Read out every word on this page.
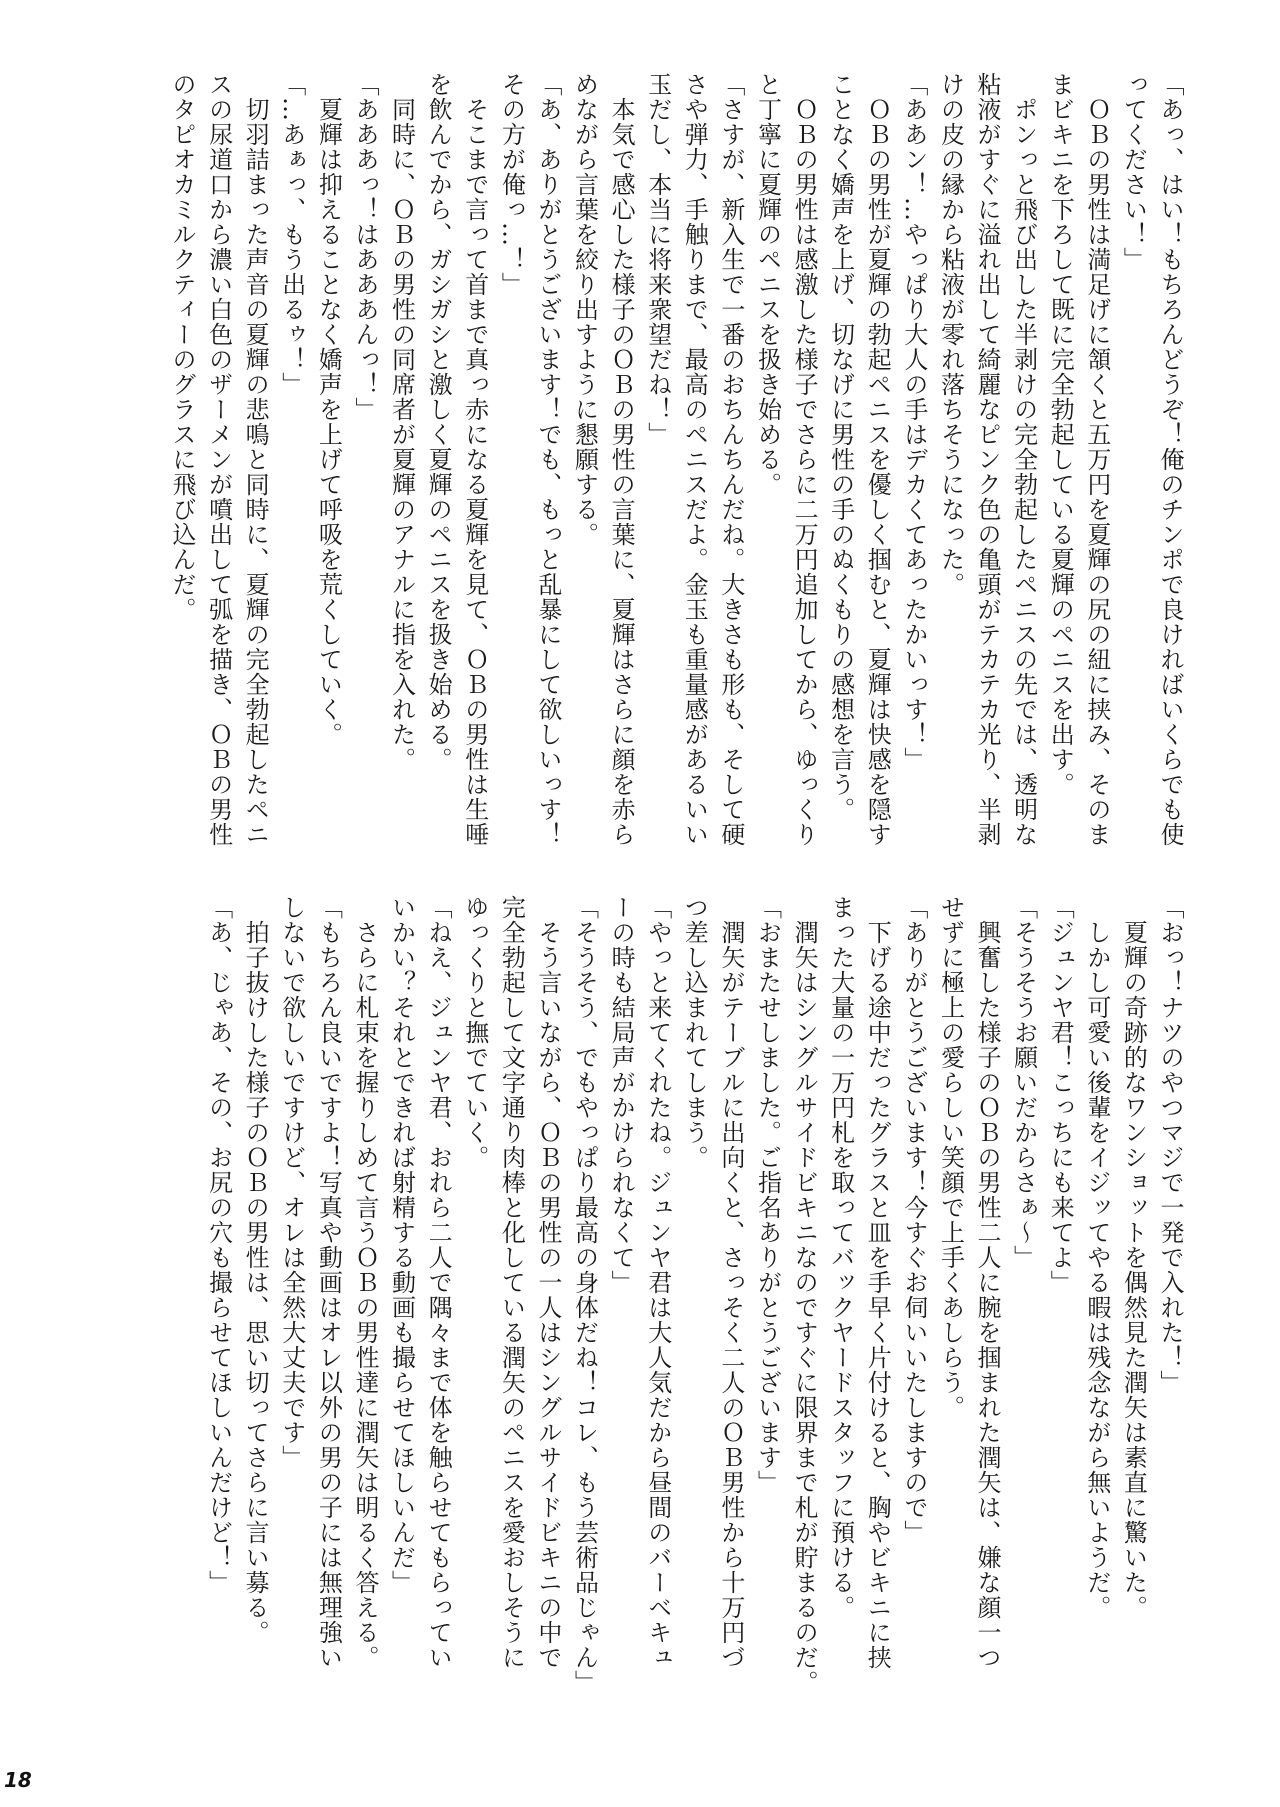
「あっ、はい！もちろんどうぞ！俺のチンポで良ければいくらでも使
ってください！」
　ＯＢの男性は満足げに頷くと五万円を夏輝の尻の紐に挟み、そのま
まビキニを下ろして既に完全勃起している夏輝のペニスを出す。
　ポンっと飛び出した半剥けの完全勃起したペニスの先では、透明な
粘液がすぐに溢れ出して綺麗なピンク色の亀頭がテカテカ光り、半剥
けの皮の縁から粘液が零れ落ちそうになった。
「ああン！…やっぱり大人の手はデカくてあったかいっす！」
　ＯＢの男性が夏輝の勃起ペニスを優しく掴むと、夏輝は快感を隠す
ことなく嬌声を上げ、切なげに男性の手のぬくもりの感想を言う。
　ＯＢの男性は感激した様子でさらに二万円追加してから、ゆっくり
と丁寧に夏輝のペニスを扱き始める。
「さすが、新入生で一番のおちんちんだね。大きさも形も、そして硬
さや弾力、手触りまで、最高のペニスだよ。金玉も重量感があるいい
玉だし、本当に将来衆望だね！」
　本気で感心した様子のＯＢの男性の言葉に、夏輝はさらに顔を赤ら
めながら言葉を絞り出すように懇願する。
「あ、ありがとうございます！でも、もっと乱暴にして欲しいっす！
その方が俺っ…！」
　そこまで言って首まで真っ赤になる夏輝を見て、ＯＢの男性は生唾
を飲んでから、ガシガシと激しく夏輝のペニスを扱き始める。
　同時に、ＯＢの男性の同席者が夏輝のアナルに指を入れた。
「あああっ！はあああんっ！」
　夏輝は抑えることなく嬌声を上げて呼吸を荒くしていく。
「…あぁっ、もう出るゥ！」
　切羽詰まった声音の夏輝の悲鳴と同時に、夏輝の完全勃起したペニ
スの尿道口から濃い白色のザーメンが噴出して弧を描き、ＯＢの男性
のタピオカミルクティーのグラスに飛び込んだ。
「おっ！ナツのやつマジで一発で入れた！」
　夏輝の奇跡的なワンショットを偶然見た潤矢は素直に驚いた。
　しかし可愛い後輩をイジッてやる暇は残念ながら無いようだ。
「ジュンヤ君！こっちにも来てよ」
「そうそうお願いだからさぁ〜」
　興奮した様子のＯＢの男性二人に腕を掴まれた潤矢は、嫌な顔一つ
せずに極上の愛らしい笑顔で上手くあしらう。
「ありがとうございます！今すぐお伺いいたしますので」
　下げる途中だったグラスと皿を手早く片付けると、胸やビキニに挟
まった大量の一万円札を取ってバックヤードスタッフに預ける。
　潤矢はシングルサイドビキニなのですぐに限界まで札が貯まるのだ。
「おまたせしました。ご指名ありがとうございます」
　潤矢がテーブルに出向くと、さっそく二人のＯＢ男性から十万円づ
つ差し込まれてしまう。
「やっと来てくれたね。ジュンヤ君は大人気だから昼間のバーベキュ
ーの時も結局声がかけられなくて」
「そうそう、でもやっぱり最高の身体だね！コレ、もう芸術品じゃん」
　そう言いながら、ＯＢの男性の一人はシングルサイドビキニの中で
完全勃起して文字通り肉棒と化している潤矢のペニスを愛おしそうに
ゆっくりと撫でていく。
「ねえ、ジュンヤ君、おれら二人で隅々まで体を触らせてもらってい
いかい？それとできれば射精する動画も撮らせてほしいんだ」
　さらに札束を握りしめて言うＯＢの男性達に潤矢は明るく答える。
「もちろん良いですよ！写真や動画はオレ以外の男の子には無理強い
しないで欲しいですけど、オレは全然大丈夫です」
　拍子抜けした様子のＯＢの男性は、思い切ってさらに言い募る。
「あ、じゃあ、その、お尻の穴も撮らせてほしいんだけど！」
18
